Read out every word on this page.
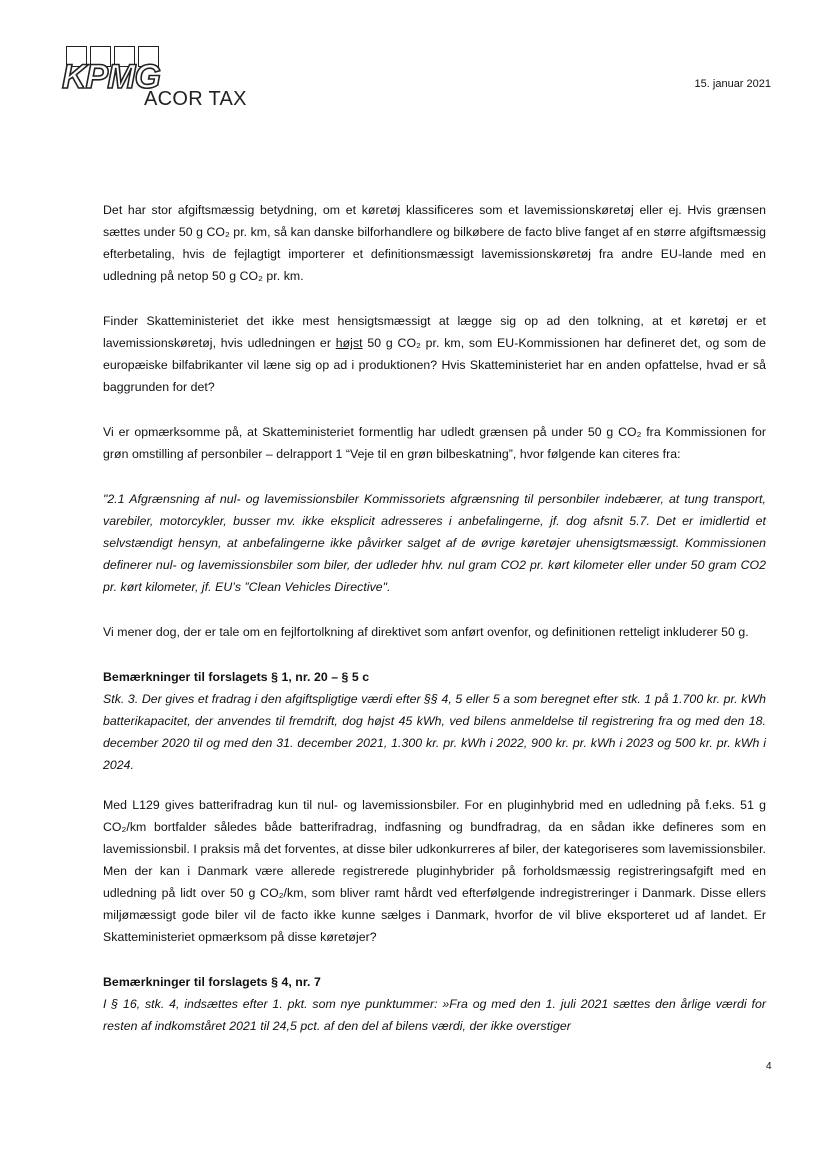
KPMG
ACOR TAX
15. januar 2021

Det har stor afgiftsmæssig betydning, om et køretøj klassificeres som et lavemissionskøretøj eller ej. Hvis grænsen sættes under 50 g CO₂ pr. km, så kan danske bilforhandlere og bilkøbere de facto blive fanget af en større afgiftsmæssig efterbetaling, hvis de fejlagtigt importerer et definitionsmæssigt lavemissionskøretøj fra andre EU-lande med en udledning på netop 50 g CO₂ pr. km.

Finder Skatteministeriet det ikke mest hensigtsmæssigt at lægge sig op ad den tolkning, at et køretøj er et lavemissionskøretøj, hvis udledningen er højst 50 g CO₂ pr. km, som EU-Kommissionen har defineret det, og som de europæiske bilfabrikanter vil læne sig op ad i produktionen? Hvis Skatteministeriet har en anden opfattelse, hvad er så baggrunden for det?

Vi er opmærksomme på, at Skatteministeriet formentlig har udledt grænsen på under 50 g CO₂ fra Kommissionen for grøn omstilling af personbiler – delrapport 1 “Veje til en grøn bilbeskatning”, hvor følgende kan citeres fra:

"2.1 Afgrænsning af nul- og lavemissionsbiler Kommissoriets afgrænsning til personbiler indebærer, at tung transport, varebiler, motorcykler, busser mv. ikke eksplicit adresseres i anbefalingerne, jf. dog afsnit 5.7. Det er imidlertid et selvstændigt hensyn, at anbefalingerne ikke påvirker salget af de øvrige køretøjer uhensigtsmæssigt. Kommissionen definerer nul- og lavemissionsbiler som biler, der udleder hhv. nul gram CO2 pr. kørt kilometer eller under 50 gram CO2 pr. kørt kilometer, jf. EU’s ”Clean Vehicles Directive".

Vi mener dog, der er tale om en fejlfortolkning af direktivet som anført ovenfor, og definitionen retteligt inkluderer 50 g.

Bemærkninger til forslagets § 1, nr. 20 – § 5 c

Stk. 3. Der gives et fradrag i den afgiftspligtige værdi efter §§ 4, 5 eller 5 a som beregnet efter stk. 1 på 1.700 kr. pr. kWh batterikapacitet, der anvendes til fremdrift, dog højst 45 kWh, ved bilens anmeldelse til registrering fra og med den 18. december 2020 til og med den 31. december 2021, 1.300 kr. pr. kWh i 2022, 900 kr. pr. kWh i 2023 og 500 kr. pr. kWh i 2024.

Med L129 gives batterifradrag kun til nul- og lavemissionsbiler. For en pluginhybrid med en udledning på f.eks. 51 g CO₂/km bortfalder således både batterifradrag, indfasning og bundfradrag, da en sådan ikke defineres som en lavemissionsbil. I praksis må det forventes, at disse biler udkonkurreres af biler, der kategoriseres som lavemissionsbiler. Men der kan i Danmark være allerede registrerede pluginhybrider på forholdsmæssig registreringsafgift med en udledning på lidt over 50 g CO₂/km, som bliver ramt hårdt ved efterfølgende indregistreringer i Danmark. Disse ellers miljømæssigt gode biler vil de facto ikke kunne sælges i Danmark, hvorfor de vil blive eksporteret ud af landet. Er Skatteministeriet opmærksom på disse køretøjer?

Bemærkninger til forslagets § 4, nr. 7

I § 16, stk. 4, indsættes efter 1. pkt. som nye punktummer: »Fra og med den 1. juli 2021 sættes den årlige værdi for resten af indkomståret 2021 til 24,5 pct. af den del af bilens værdi, der ikke overstiger

4
